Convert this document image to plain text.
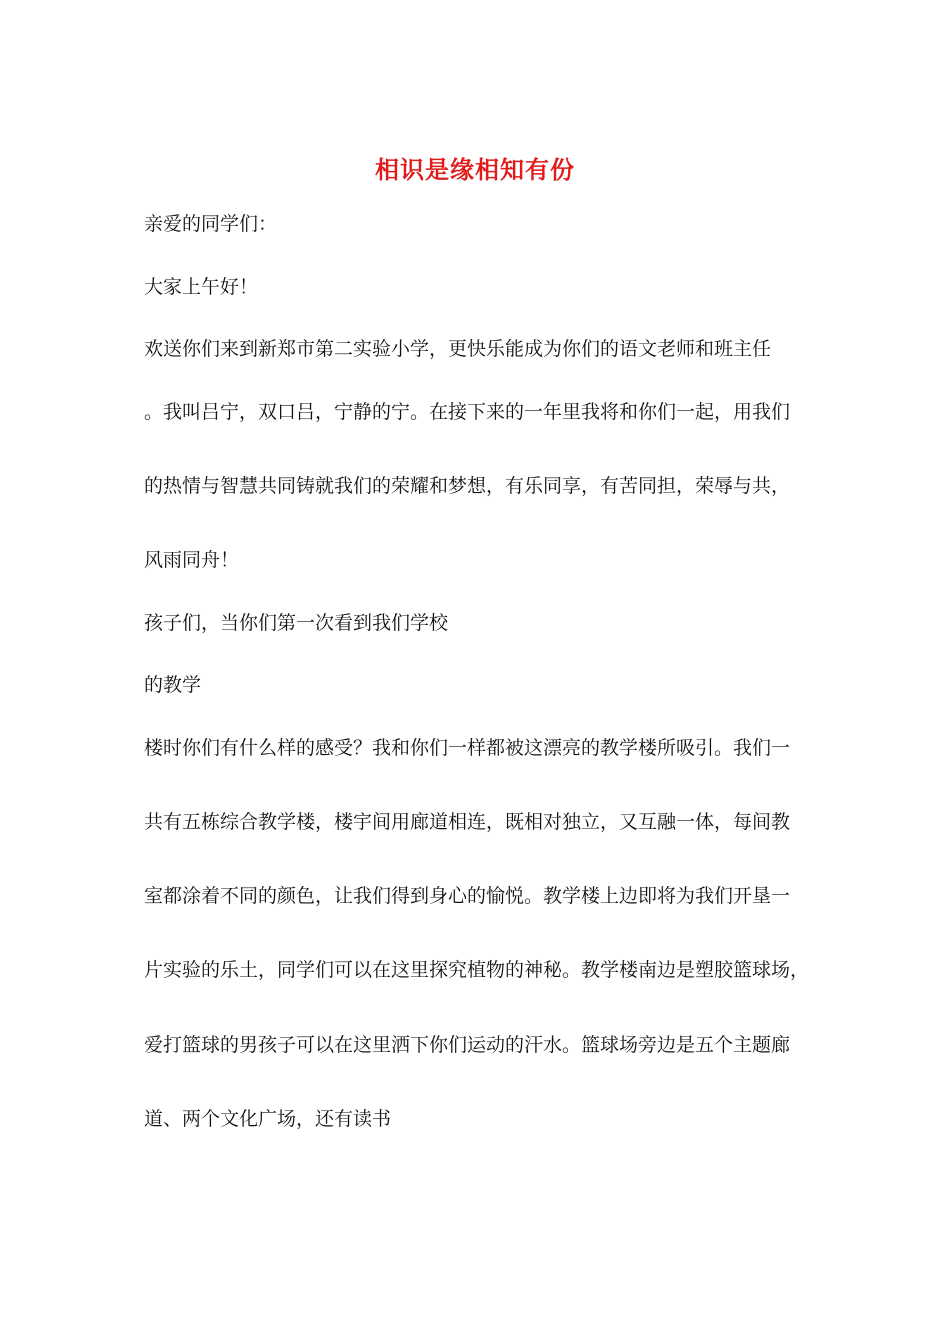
相识是缘相知有份
亲爱的同学们：
大家上午好！
欢送你们来到新郑市第二实验小学，更快乐能成为你们的语文老师和班主任
。我叫吕宁，双口吕，宁静的宁。在接下来的一年里我将和你们一起，用我们
的热情与智慧共同铸就我们的荣耀和梦想，有乐同享，有苦同担，荣辱与共，
风雨同舟！
孩子们，当你们第一次看到我们学校
的教学
楼时你们有什么样的感受？我和你们一样都被这漂亮的教学楼所吸引。我们一
共有五栋综合教学楼，楼宇间用廊道相连，既相对独立，又互融一体，每间教
室都涂着不同的颜色，让我们得到身心的愉悦。教学楼上边即将为我们开垦一
片实验的乐土，同学们可以在这里探究植物的神秘。教学楼南边是塑胶篮球场，
爱打篮球的男孩子可以在这里洒下你们运动的汗水。篮球场旁边是五个主题廊
道、两个文化广场，还有读书
